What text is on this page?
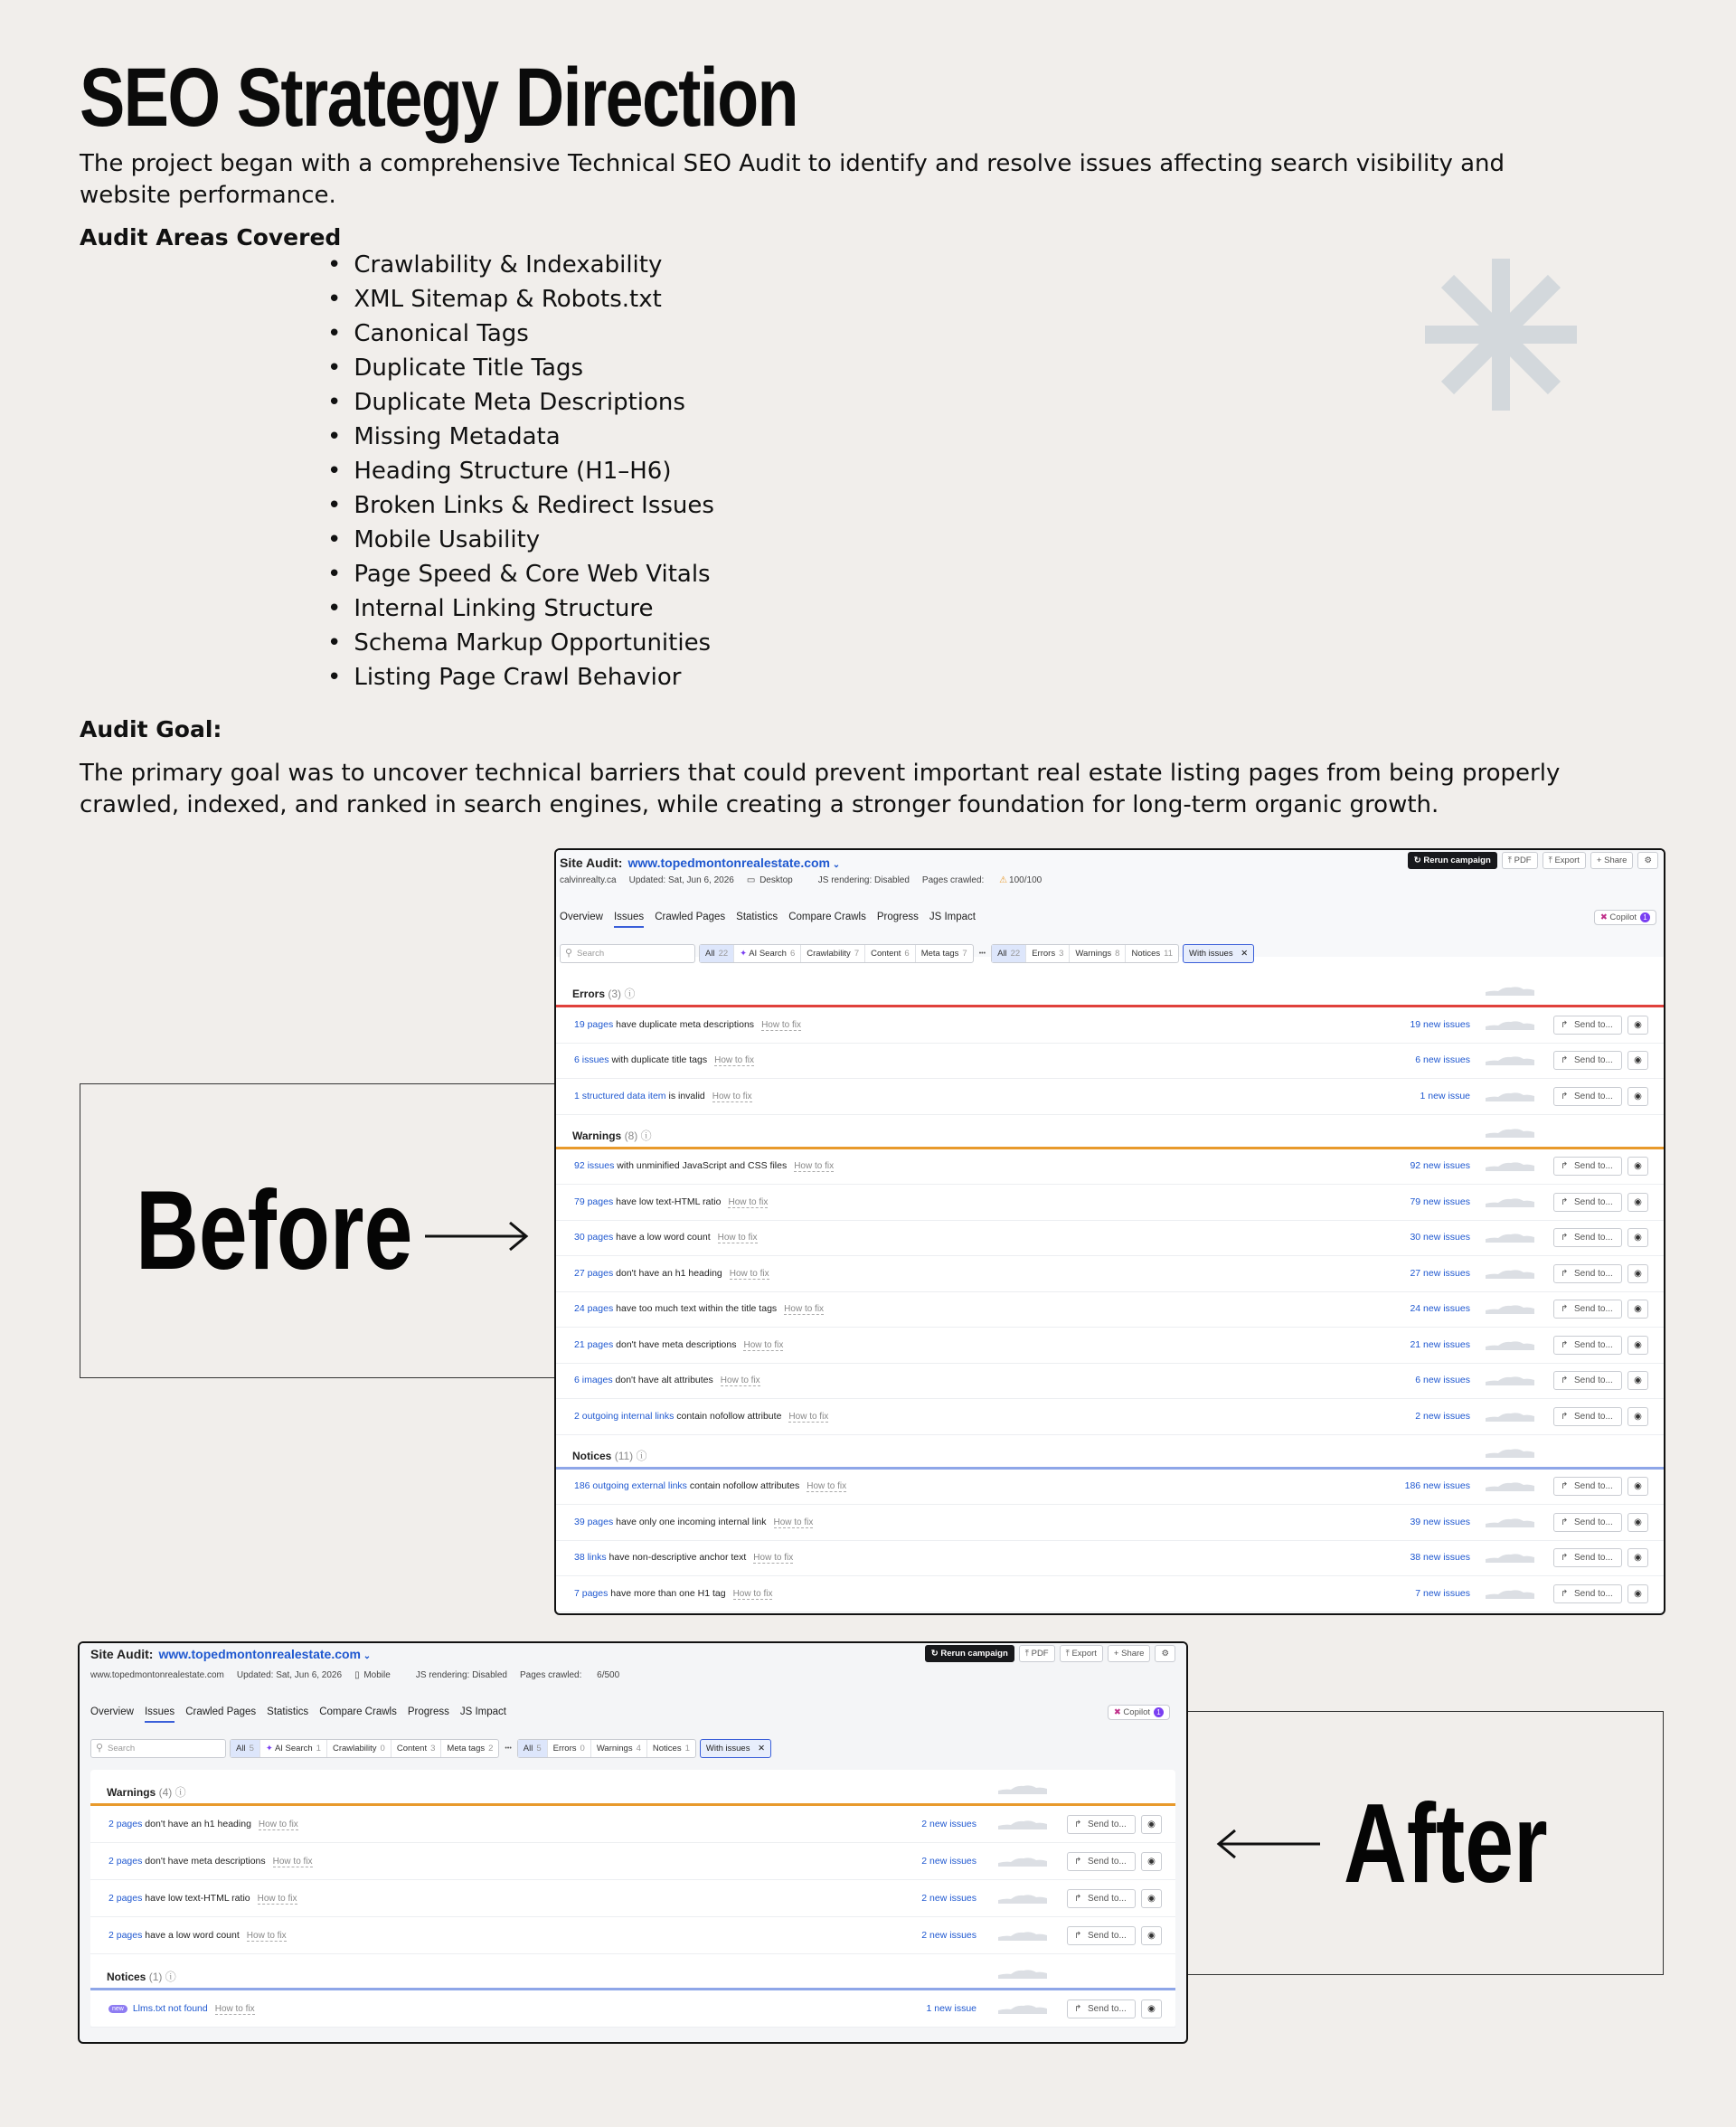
SEO Strategy Direction
The project began with a comprehensive Technical SEO Audit to identify and resolve issues affecting search visibility and website performance.
Audit Areas Covered
• Crawlability & Indexability
• XML Sitemap & Robots.txt
• Canonical Tags
• Duplicate Title Tags
• Duplicate Meta Descriptions
• Missing Metadata
• Heading Structure (H1–H6)
• Broken Links & Redirect Issues
• Mobile Usability
• Page Speed & Core Web Vitals
• Internal Linking Structure
• Schema Markup Opportunities
• Listing Page Crawl Behavior
Audit Goal:
The primary goal was to uncover technical barriers that could prevent important real estate listing pages from being properly crawled, indexed, and ranked in search engines, while creating a stronger foundation for long-term organic growth.
Before
After
Site Audit: www.topedmontonrealestate.com ⌄
calvinrealty.ca Updated: Sat, Jun 6, 2026 ▭ Desktop	JS rendering: Disabled Pages crawled: ⚠ 100/100
↻ Rerun campaign	⤒ PDF	⤒ Export	+ Share	⚙
Overview Issues Crawled Pages Statistics Compare Crawls Progress JS Impact	✖ Copilot 1
⚲ Search	All 22	✦ AI Search 6	Crawlability 7	Content 6	Meta tags 7	•••	All 22	Errors 3	Warnings 8	Notices 11	With issues ✕
Errors (3) ⓘ
19 pages have duplicate meta descriptions How to fix	19 new issues	↱ Send to...	◉
6 issues with duplicate title tags How to fix	6 new issues	↱ Send to...	◉
1 structured data item is invalid How to fix	1 new issue	↱ Send to...	◉
Warnings (8) ⓘ
92 issues with unminified JavaScript and CSS files How to fix	92 new issues	↱ Send to...	◉
79 pages have low text-HTML ratio How to fix	79 new issues	↱ Send to...	◉
30 pages have a low word count How to fix	30 new issues	↱ Send to...	◉
27 pages don't have an h1 heading How to fix	27 new issues	↱ Send to...	◉
24 pages have too much text within the title tags How to fix	24 new issues	↱ Send to...	◉
21 pages don't have meta descriptions How to fix	21 new issues	↱ Send to...	◉
6 images don't have alt attributes How to fix	6 new issues	↱ Send to...	◉
2 outgoing internal links contain nofollow attribute How to fix	2 new issues	↱ Send to...	◉
Notices (11) ⓘ
186 outgoing external links contain nofollow attributes How to fix	186 new issues	↱ Send to...	◉
39 pages have only one incoming internal link How to fix	39 new issues	↱ Send to...	◉
38 links have non-descriptive anchor text How to fix	38 new issues	↱ Send to...	◉
7 pages have more than one H1 tag How to fix	7 new issues	↱ Send to...	◉
Site Audit: www.topedmontonrealestate.com ⌄
www.topedmontonrealestate.com Updated: Sat, Jun 6, 2026 ▯ Mobile	JS rendering: Disabled Pages crawled: 6/500
↻ Rerun campaign	⤒ PDF	⤒ Export	+ Share	⚙
Overview Issues Crawled Pages Statistics Compare Crawls Progress JS Impact	✖ Copilot 1
⚲ Search	All 5	✦ AI Search 1	Crawlability 0	Content 3	Meta tags 2	•••	All 5	Errors 0	Warnings 4	Notices 1	With issues ✕
Warnings (4) ⓘ
2 pages don't have an h1 heading How to fix	2 new issues	↱ Send to...	◉
2 pages don't have meta descriptions How to fix	2 new issues	↱ Send to...	◉
2 pages have low text-HTML ratio How to fix	2 new issues	↱ Send to...	◉
2 pages have a low word count How to fix	2 new issues	↱ Send to...	◉
Notices (1) ⓘ
new Llms.txt not found How to fix	1 new issue	↱ Send to...	◉
